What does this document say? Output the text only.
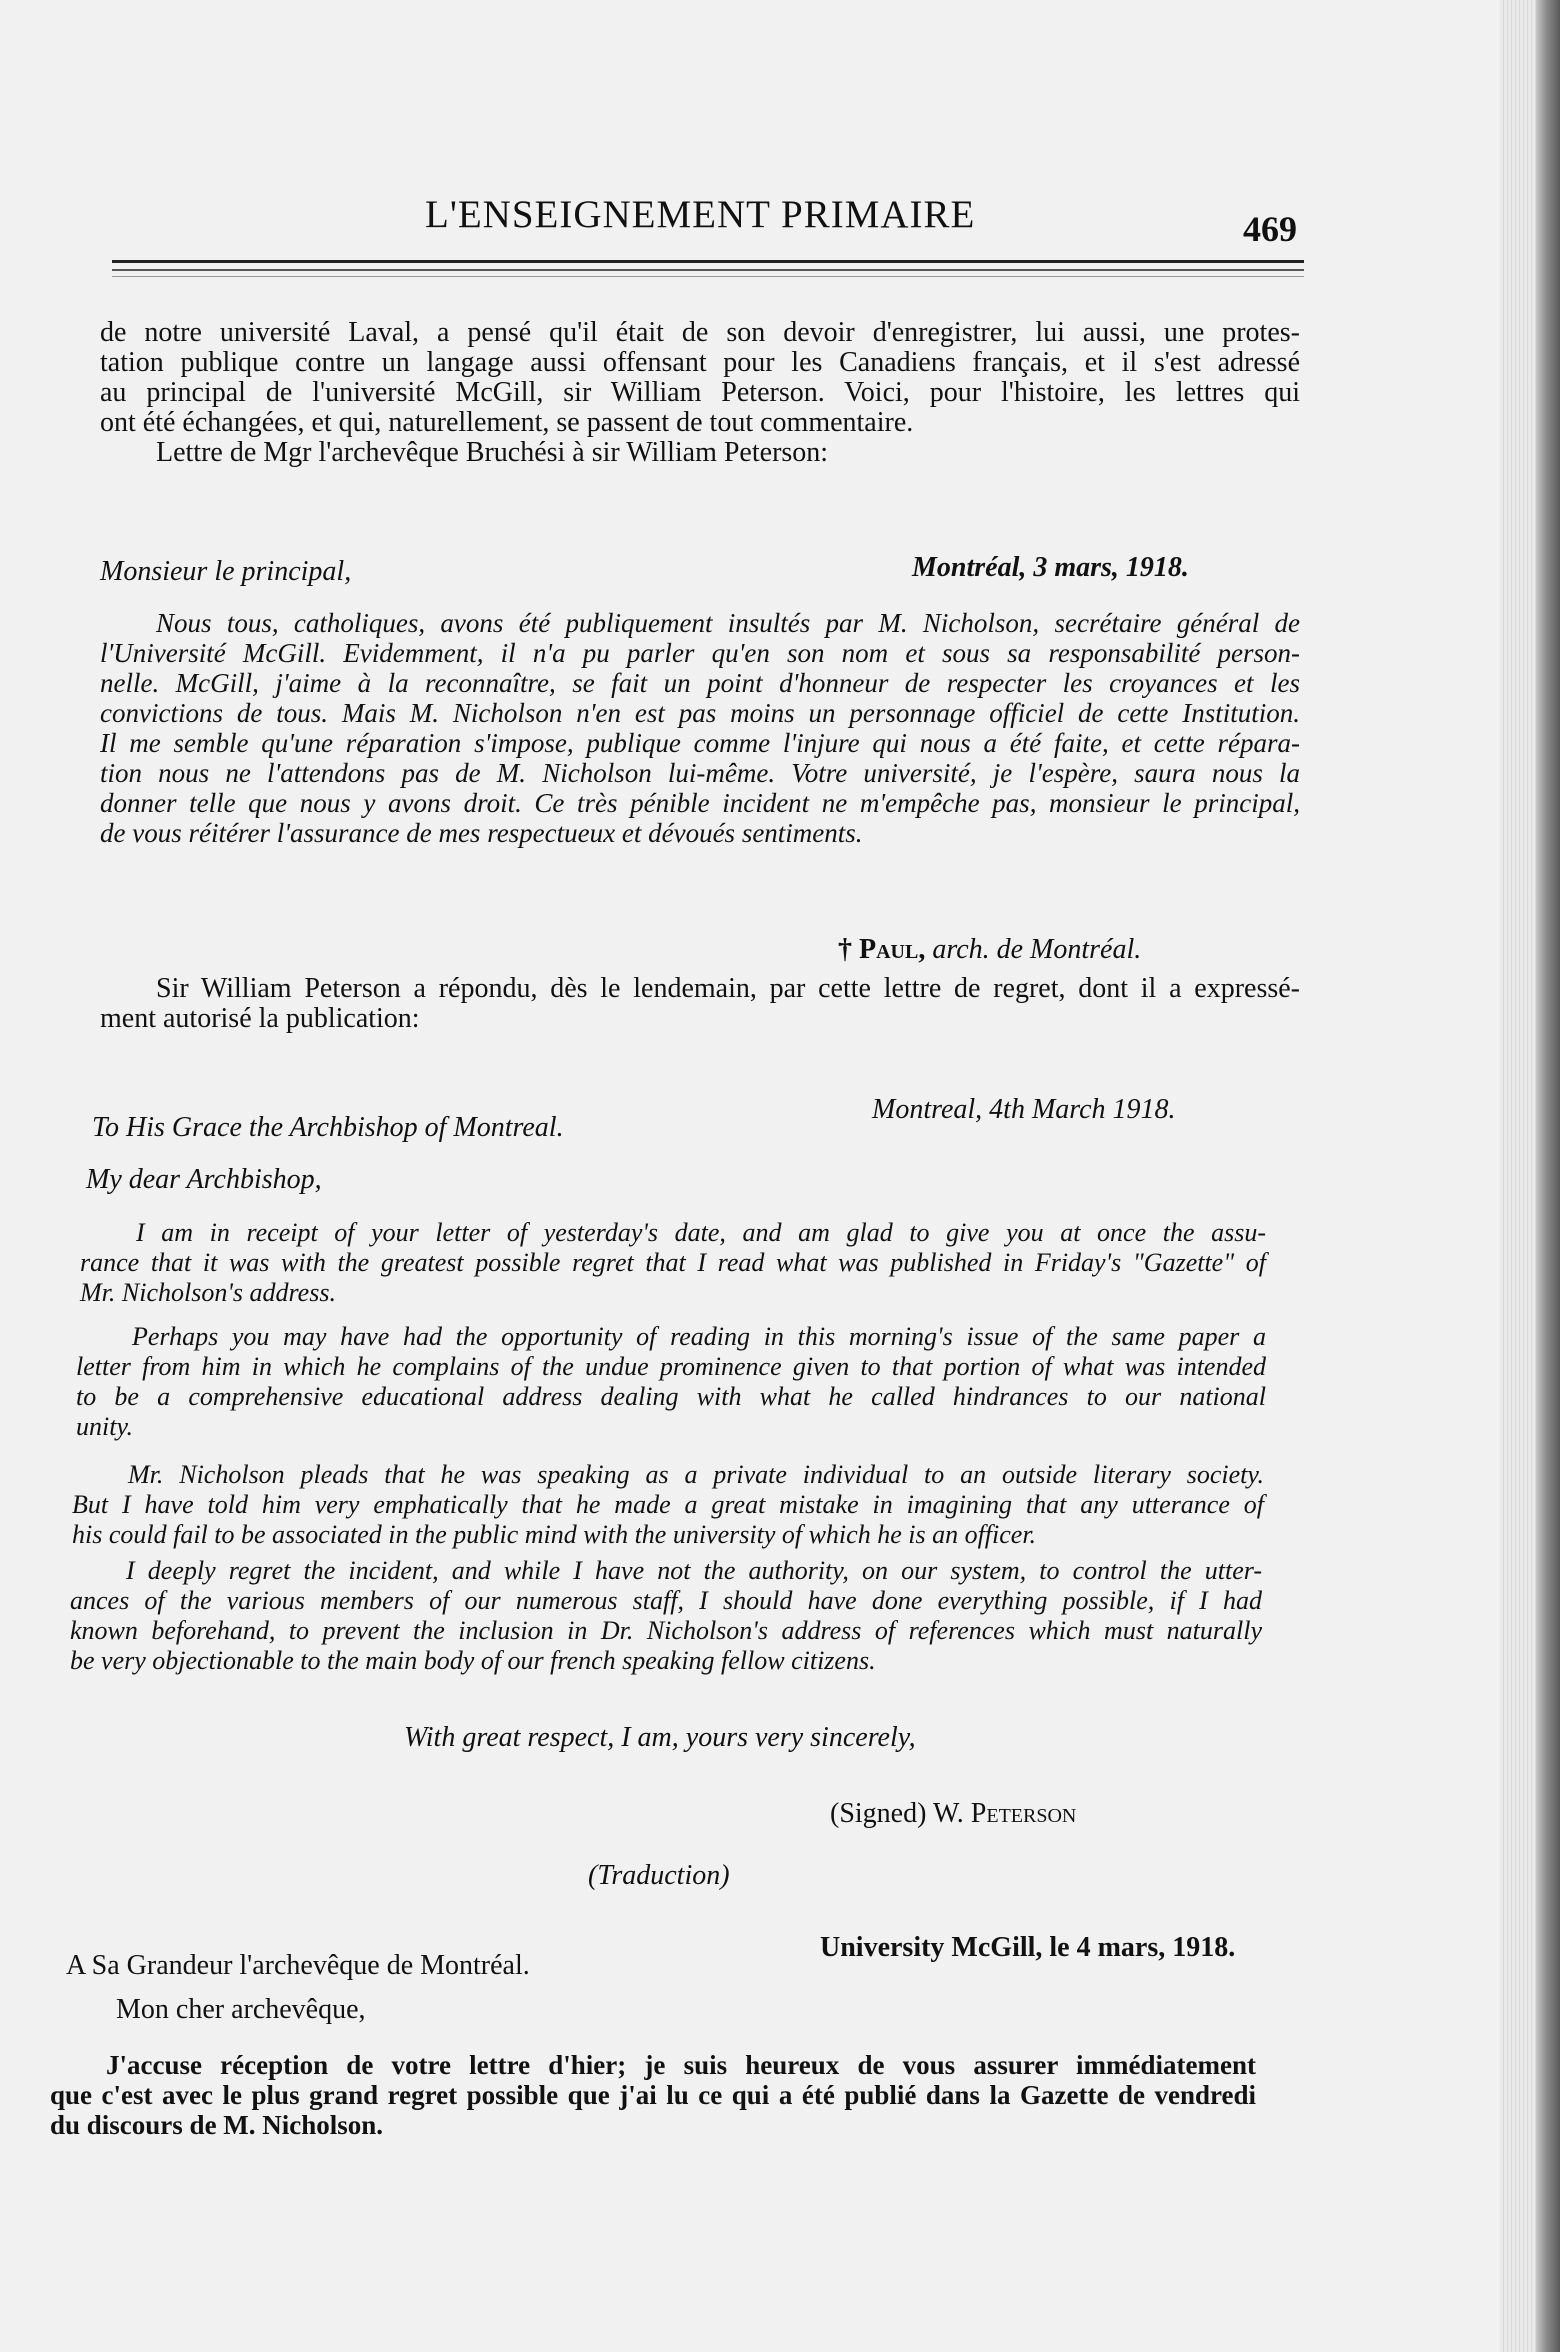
L'ENSEIGNEMENT PRIMAIRE	469
de notre université Laval, a pensé qu'il était de son devoir d'enregistrer, lui aussi, une protes-
tation publique contre un langage aussi offensant pour les Canadiens français, et il s'est adressé
au principal de l'université McGill, sir William Peterson. Voici, pour l'histoire, les lettres qui
ont été échangées, et qui, naturellement, se passent de tout commentaire.
Lettre de Mgr l'archevêque Bruchési à sir William Peterson:
Monsieur le principal,	Montréal, 3 mars, 1918.
Nous tous, catholiques, avons été publiquement insultés par M. Nicholson, secrétaire général de
l'Université McGill. Evidemment, il n'a pu parler qu'en son nom et sous sa responsabilité person-
nelle. McGill, j'aime à la reconnaître, se fait un point d'honneur de respecter les croyances et les
convictions de tous. Mais M. Nicholson n'en est pas moins un personnage officiel de cette Institution.
Il me semble qu'une réparation s'impose, publique comme l'injure qui nous a été faite, et cette répara-
tion nous ne l'attendons pas de M. Nicholson lui-même. Votre université, je l'espère, saura nous la
donner telle que nous y avons droit. Ce très pénible incident ne m'empêche pas, monsieur le principal,
de vous réitérer l'assurance de mes respectueux et dévoués sentiments.
† Paul, arch. de Montréal.
Sir William Peterson a répondu, dès le lendemain, par cette lettre de regret, dont il a expressé-
ment autorisé la publication:
Montreal, 4th March 1918.
To His Grace the Archbishop of Montreal.
My dear Archbishop,
I am in receipt of your letter of yesterday's date, and am glad to give you at once the assu-
rance that it was with the greatest possible regret that I read what was published in Friday's "Gazette" of
Mr. Nicholson's address.
Perhaps you may have had the opportunity of reading in this morning's issue of the same paper a
letter from him in which he complains of the undue prominence given to that portion of what was intended
to be a comprehensive educational address dealing with what he called hindrances to our national
unity.
Mr. Nicholson pleads that he was speaking as a private individual to an outside literary society.
But I have told him very emphatically that he made a great mistake in imagining that any utterance of
his could fail to be associated in the public mind with the university of which he is an officer.
I deeply regret the incident, and while I have not the authority, on our system, to control the utter-
ances of the various members of our numerous staff, I should have done everything possible, if I had
known beforehand, to prevent the inclusion in Dr. Nicholson's address of references which must naturally
be very objectionable to the main body of our french speaking fellow citizens.
With great respect, I am, yours very sincerely,
(Signed) W. Peterson
(Traduction)
University McGill, le 4 mars, 1918.
A Sa Grandeur l'archevêque de Montréal.
Mon cher archevêque,
J'accuse réception de votre lettre d'hier; je suis heureux de vous assurer immédiatement
que c'est avec le plus grand regret possible que j'ai lu ce qui a été publié dans la Gazette de vendredi
du discours de M. Nicholson.
